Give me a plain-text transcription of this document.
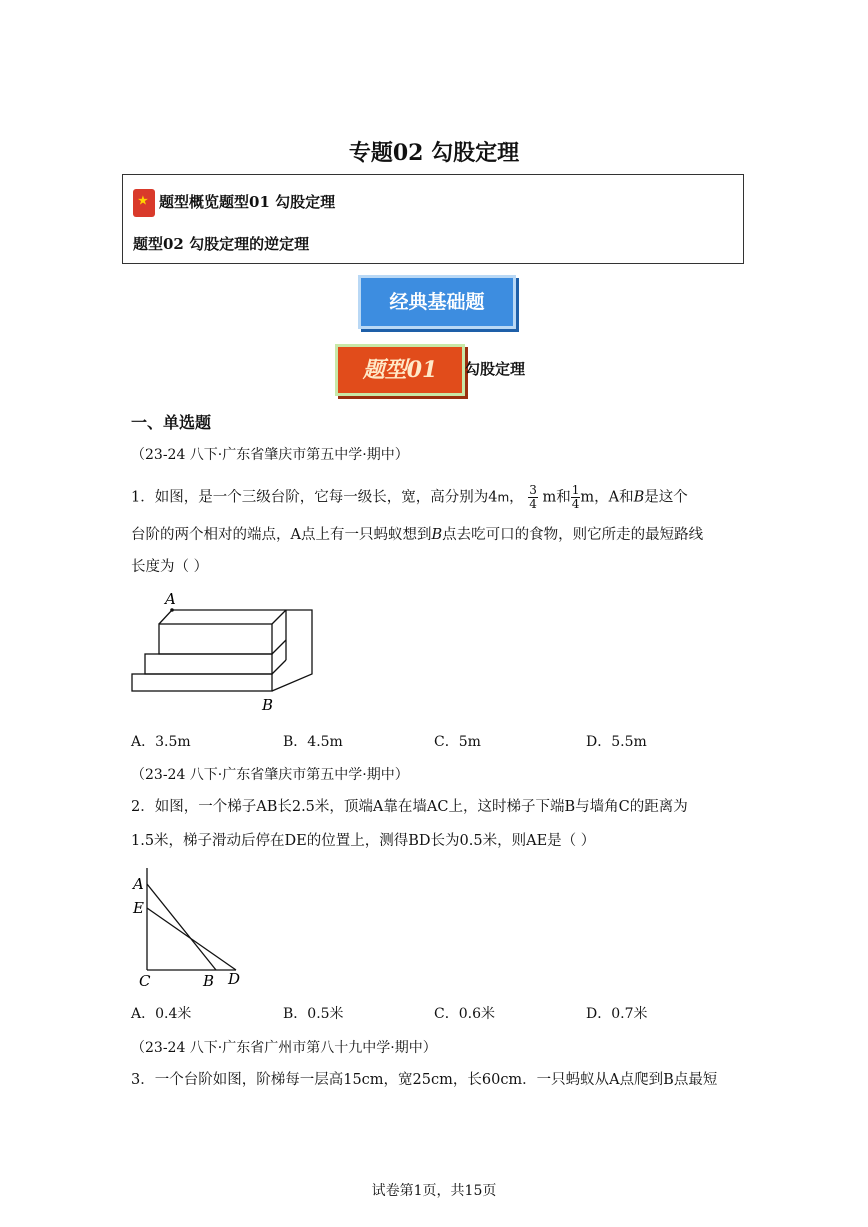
专题02 勾股定理
★题型概览题型01 勾股定理
题型02 勾股定理的逆定理
经典基础题
题型01	勾股定理
一、单选题
（23-24 八下·广东省肇庆市第五中学·期中）
1．如图，是一个三级台阶，它每一级长，宽，高分别为4m， $\frac{3}{4}$ m和 $\frac{1}{4}$ m，A和B是这个
台阶的两个相对的端点，A点上有一只蚂蚁想到B点去吃可口的食物，则它所走的最短路线
长度为（ ）
A
B
A．3.5m	B．4.5m	C．5m	D．5.5m
（23-24 八下·广东省肇庆市第五中学·期中）
2．如图，一个梯子AB长2.5米，顶端A靠在墙AC上，这时梯子下端B与墙角C的距离为
1.5米，梯子滑动后停在DE的位置上，测得BD长为0.5米，则AE是（ ）
A
E
C	B D
A．0.4米	B．0.5米	C．0.6米	D．0.7米
（23-24 八下·广东省广州市第八十九中学·期中）
3．一个台阶如图，阶梯每一层高15cm，宽25cm，长60cm．一只蚂蚁从A点爬到B点最短
试卷第1页，共15页
